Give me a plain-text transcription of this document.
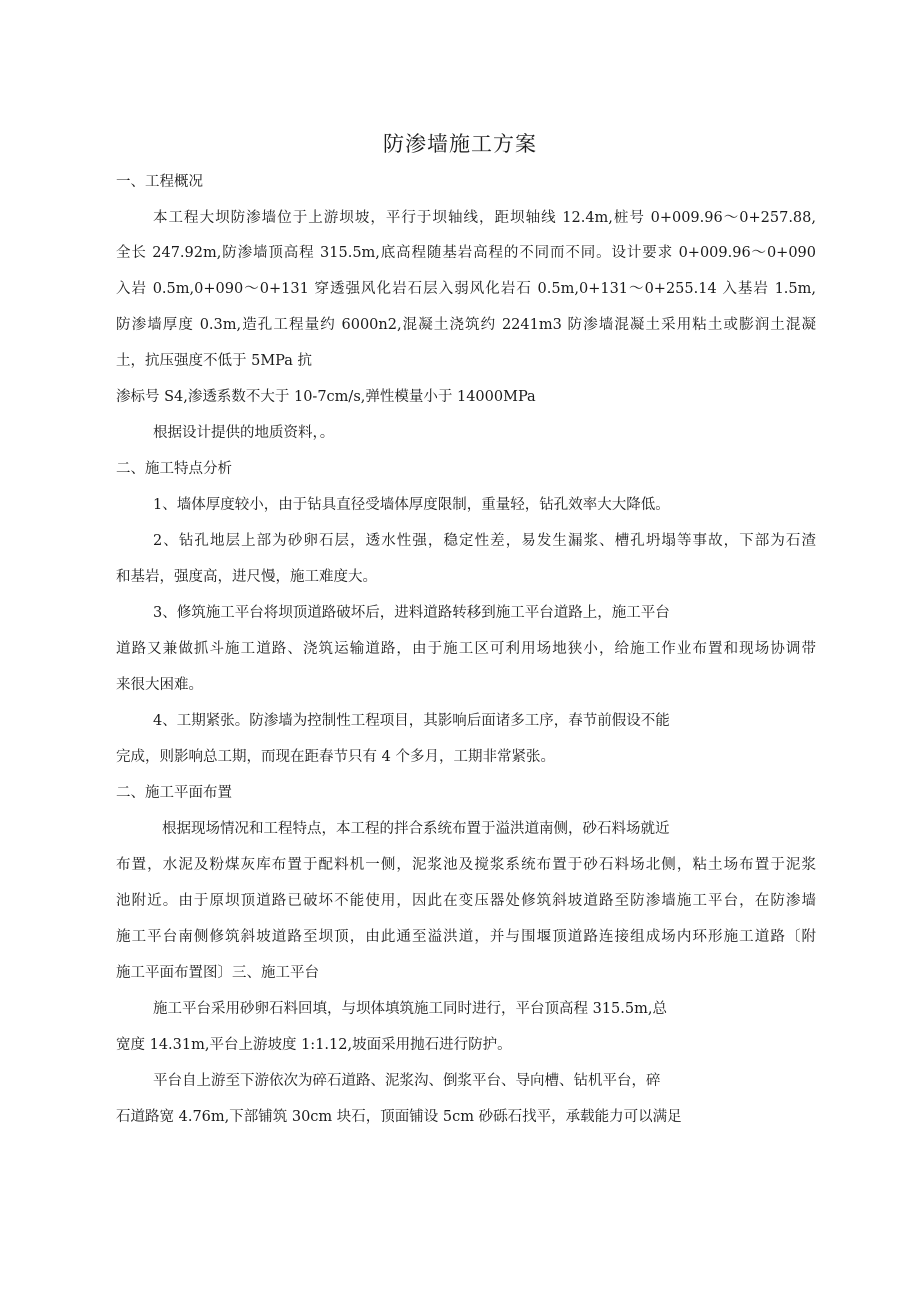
防渗墙施工方案
一、工程概况
本工程大坝防渗墙位于上游坝坡，平行于坝轴线，距坝轴线 12.4m,桩号 0+009.96～0+257.88,
全长 247.92m,防渗墙顶高程 315.5m,底高程随基岩高程的不同而不同。设计要求 0+009.96～0+090
入岩 0.5m,0+090～0+131 穿透强风化岩石层入弱风化岩石 0.5m,0+131～0+255.14 入基岩 1.5m,
防渗墙厚度 0.3m,造孔工程量约 6000n2,混凝土浇筑约 2241m3 防渗墙混凝土采用粘土或膨润土混凝
土，抗压强度不低于 5MPa 抗
渗标号 S4,渗透系数不大于 10-7cm/s,弹性模量小于 14000MPa
根据设计提供的地质资料，。
二、施工特点分析
1、墙体厚度较小，由于钻具直径受墙体厚度限制，重量轻，钻孔效率大大降低。
2、钻孔地层上部为砂卵石层，透水性强，稳定性差，易发生漏浆、槽孔坍塌等事故，下部为石渣
和基岩，强度高，进尺慢，施工难度大。
3、修筑施工平台将坝顶道路破坏后，进料道路转移到施工平台道路上，施工平台
道路又兼做抓斗施工道路、浇筑运输道路，由于施工区可利用场地狭小，给施工作业布置和现场协调带
来很大困难。
4、工期紧张。防渗墙为控制性工程项目，其影响后面诸多工序，春节前假设不能
完成，则影响总工期，而现在距春节只有 4 个多月，工期非常紧张。
二、施工平面布置
根据现场情况和工程特点，本工程的拌合系统布置于溢洪道南侧，砂石料场就近
布置，水泥及粉煤灰库布置于配料机一侧，泥浆池及搅浆系统布置于砂石料场北侧，粘土场布置于泥浆
池附近。由于原坝顶道路已破坏不能使用，因此在变压器处修筑斜坡道路至防渗墙施工平台，在防渗墙
施工平台南侧修筑斜坡道路至坝顶，由此通至溢洪道，并与围堰顶道路连接组成场内环形施工道路〔附
施工平面布置图〕三、施工平台
施工平台采用砂卵石料回填，与坝体填筑施工同时进行，平台顶高程 315.5m,总
宽度 14.31m,平台上游坡度 1:1.12,坡面采用抛石进行防护。
平台自上游至下游依次为碎石道路、泥浆沟、倒浆平台、导向槽、钻机平台，碎
石道路宽 4.76m,下部铺筑 30cm 块石，顶面铺设 5cm 砂砾石找平，承载能力可以满足
